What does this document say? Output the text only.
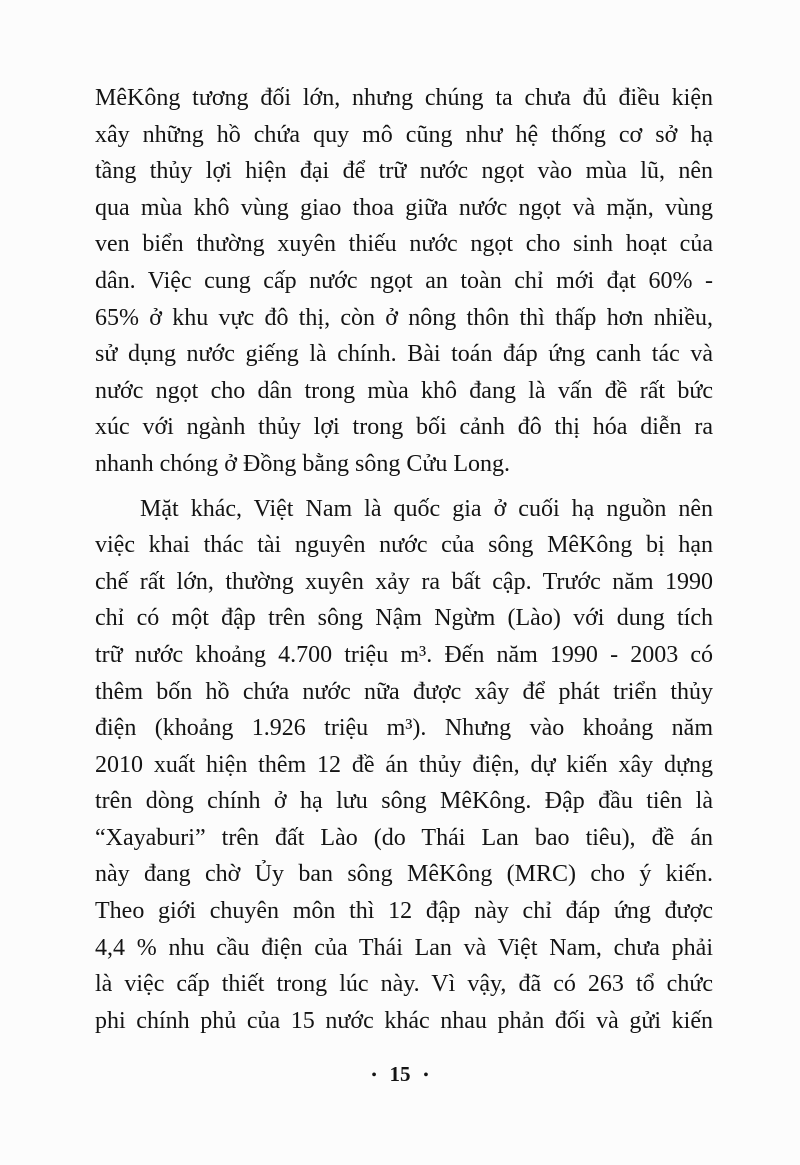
MêKông tương đối lớn, nhưng chúng ta chưa đủ điều kiện
xây những hồ chứa quy mô cũng như hệ thống cơ sở hạ
tầng thủy lợi hiện đại để trữ nước ngọt vào mùa lũ, nên
qua mùa khô vùng giao thoa giữa nước ngọt và mặn, vùng
ven biển thường xuyên thiếu nước ngọt cho sinh hoạt của
dân. Việc cung cấp nước ngọt an toàn chỉ mới đạt 60% -
65% ở khu vực đô thị, còn ở nông thôn thì thấp hơn nhiều,
sử dụng nước giếng là chính. Bài toán đáp ứng canh tác và
nước ngọt cho dân trong mùa khô đang là vấn đề rất bức
xúc với ngành thủy lợi trong bối cảnh đô thị hóa diễn ra
nhanh chóng ở Đồng bằng sông Cửu Long.
Mặt khác, Việt Nam là quốc gia ở cuối hạ nguồn nên
việc khai thác tài nguyên nước của sông MêKông bị hạn
chế rất lớn, thường xuyên xảy ra bất cập. Trước năm 1990
chỉ có một đập trên sông Nậm Ngừm (Lào) với dung tích
trữ nước khoảng 4.700 triệu m³. Đến năm 1990 - 2003 có
thêm bốn hồ chứa nước nữa được xây để phát triển thủy
điện (khoảng 1.926 triệu m³). Nhưng vào khoảng năm
2010 xuất hiện thêm 12 đề án thủy điện, dự kiến xây dựng
trên dòng chính ở hạ lưu sông MêKông. Đập đầu tiên là
“Xayaburi” trên đất Lào (do Thái Lan bao tiêu), đề án
này đang chờ Ủy ban sông MêKông (MRC) cho ý kiến.
Theo giới chuyên môn thì 12 đập này chỉ đáp ứng được
4,4 % nhu cầu điện của Thái Lan và Việt Nam, chưa phải
là việc cấp thiết trong lúc này. Vì vậy, đã có 263 tổ chức
phi chính phủ của 15 nước khác nhau phản đối và gửi kiến
• 15 •
